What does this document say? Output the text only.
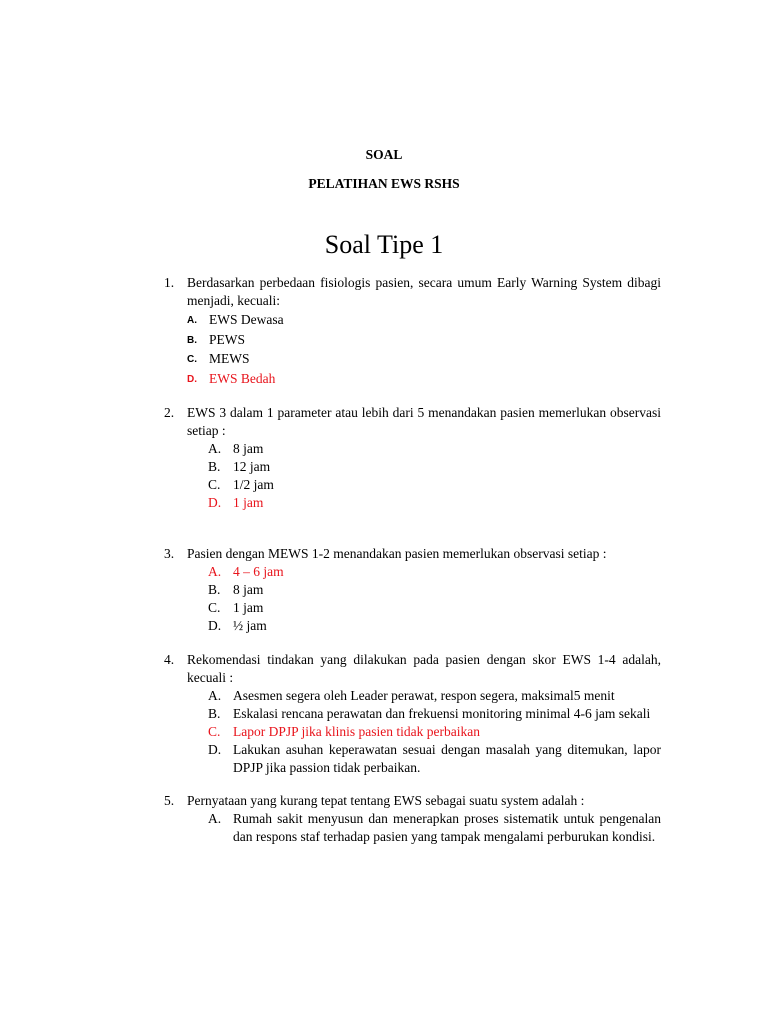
SOAL
PELATIHAN EWS RSHS
Soal Tipe 1
1. Berdasarkan perbedaan fisiologis pasien, secara umum Early Warning System dibagi menjadi, kecuali:
A. EWS Dewasa
B. PEWS
C. MEWS
D. EWS Bedah
2. EWS 3 dalam 1 parameter atau lebih dari 5 menandakan pasien memerlukan observasi setiap :
A. 8 jam
B. 12 jam
C. 1/2 jam
D. 1 jam
3. Pasien dengan MEWS 1-2 menandakan pasien memerlukan observasi setiap :
A. 4 – 6 jam
B. 8 jam
C. 1 jam
D. ½ jam
4. Rekomendasi tindakan yang dilakukan pada pasien dengan skor EWS 1-4 adalah, kecuali :
A. Asesmen segera oleh Leader perawat, respon segera, maksimal5 menit
B. Eskalasi rencana perawatan dan frekuensi monitoring minimal 4-6 jam sekali
C. Lapor DPJP jika klinis pasien tidak perbaikan
D. Lakukan asuhan keperawatan sesuai dengan masalah yang ditemukan, lapor DPJP jika passion tidak perbaikan.
5. Pernyataan yang kurang tepat tentang EWS sebagai suatu system adalah :
A. Rumah sakit menyusun dan menerapkan proses sistematik untuk pengenalan dan respons staf terhadap pasien yang tampak mengalami perburukan kondisi.
